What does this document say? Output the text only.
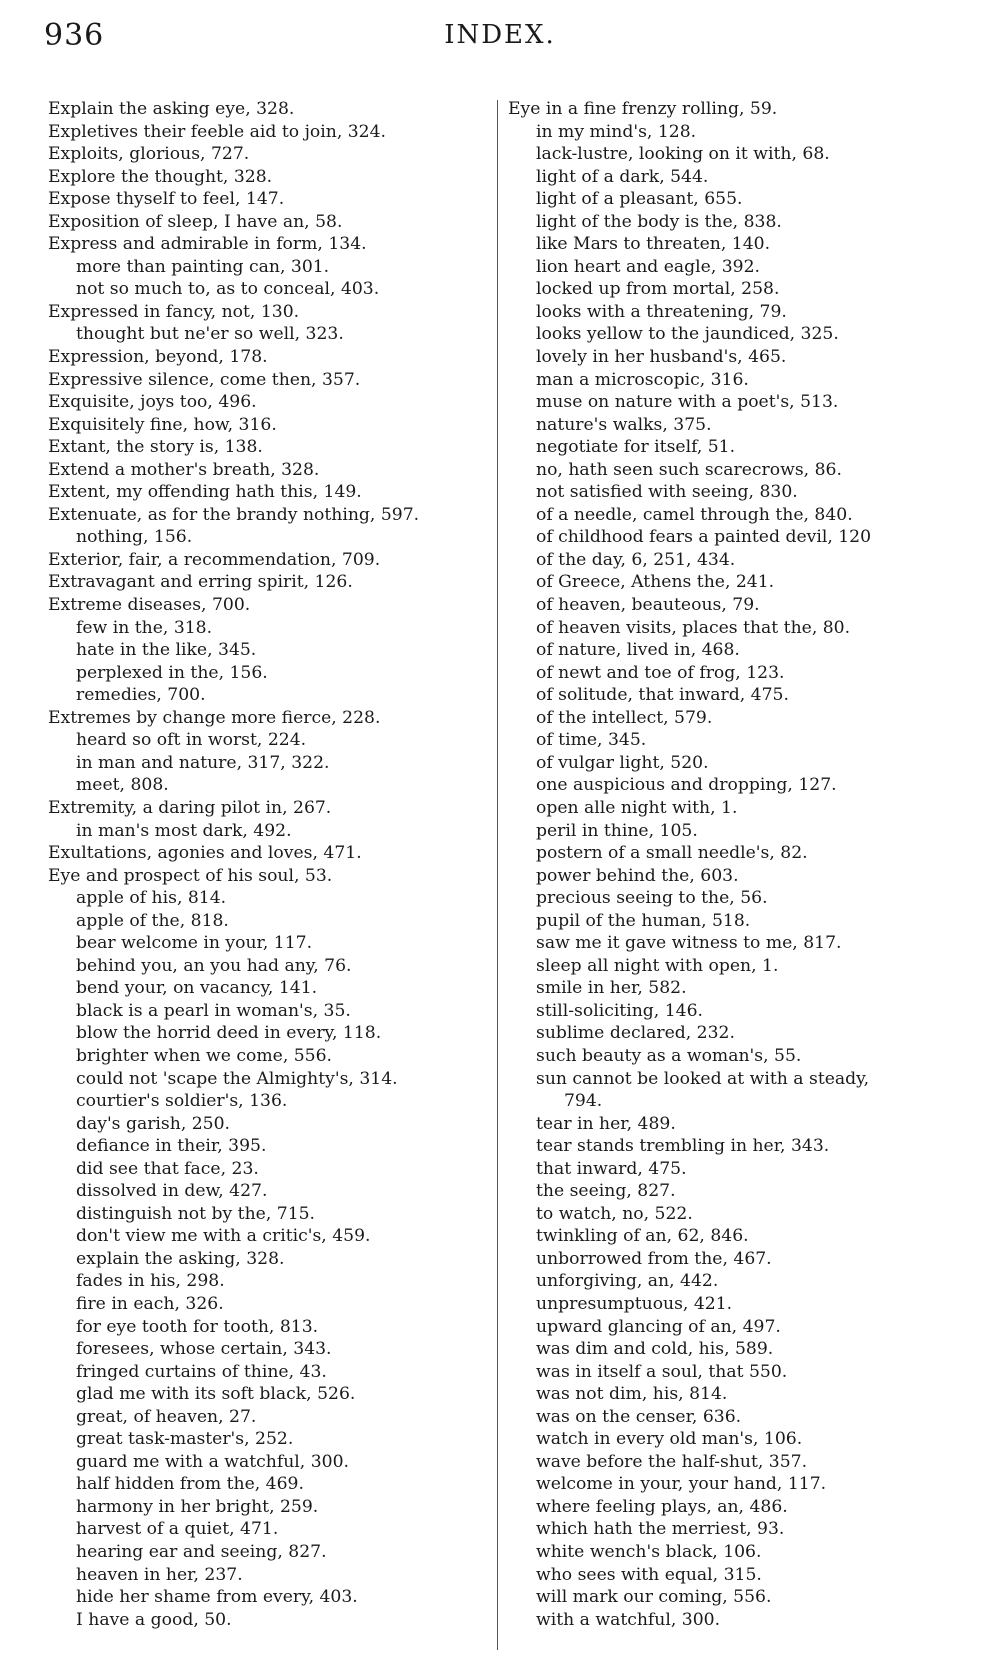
936	INDEX.
Explain the asking eye, 328.
Expletives their feeble aid to join, 324.
Exploits, glorious, 727.
Explore the thought, 328.
Expose thyself to feel, 147.
Exposition of sleep, I have an, 58.
Express and admirable in form, 134.
more than painting can, 301.
not so much to, as to conceal, 403.
Expressed in fancy, not, 130.
thought but ne'er so well, 323.
Expression, beyond, 178.
Expressive silence, come then, 357.
Exquisite, joys too, 496.
Exquisitely fine, how, 316.
Extant, the story is, 138.
Extend a mother's breath, 328.
Extent, my offending hath this, 149.
Extenuate, as for the brandy nothing, 597.
nothing, 156.
Exterior, fair, a recommendation, 709.
Extravagant and erring spirit, 126.
Extreme diseases, 700.
few in the, 318.
hate in the like, 345.
perplexed in the, 156.
remedies, 700.
Extremes by change more fierce, 228.
heard so oft in worst, 224.
in man and nature, 317, 322.
meet, 808.
Extremity, a daring pilot in, 267.
in man's most dark, 492.
Exultations, agonies and loves, 471.
Eye and prospect of his soul, 53.
apple of his, 814.
apple of the, 818.
bear welcome in your, 117.
behind you, an you had any, 76.
bend your, on vacancy, 141.
black is a pearl in woman's, 35.
blow the horrid deed in every, 118.
brighter when we come, 556.
could not 'scape the Almighty's, 314.
courtier's soldier's, 136.
day's garish, 250.
defiance in their, 395.
did see that face, 23.
dissolved in dew, 427.
distinguish not by the, 715.
don't view me with a critic's, 459.
explain the asking, 328.
fades in his, 298.
fire in each, 326.
for eye tooth for tooth, 813.
foresees, whose certain, 343.
fringed curtains of thine, 43.
glad me with its soft black, 526.
great, of heaven, 27.
great task-master's, 252.
guard me with a watchful, 300.
half hidden from the, 469.
harmony in her bright, 259.
harvest of a quiet, 471.
hearing ear and seeing, 827.
heaven in her, 237.
hide her shame from every, 403.
I have a good, 50.
Eye in a fine frenzy rolling, 59.
in my mind's, 128.
lack-lustre, looking on it with, 68.
light of a dark, 544.
light of a pleasant, 655.
light of the body is the, 838.
like Mars to threaten, 140.
lion heart and eagle, 392.
locked up from mortal, 258.
looks with a threatening, 79.
looks yellow to the jaundiced, 325.
lovely in her husband's, 465.
man a microscopic, 316.
muse on nature with a poet's, 513.
nature's walks, 375.
negotiate for itself, 51.
no, hath seen such scarecrows, 86.
not satisfied with seeing, 830.
of a needle, camel through the, 840.
of childhood fears a painted devil, 120
of the day, 6, 251, 434.
of Greece, Athens the, 241.
of heaven, beauteous, 79.
of heaven visits, places that the, 80.
of nature, lived in, 468.
of newt and toe of frog, 123.
of solitude, that inward, 475.
of the intellect, 579.
of time, 345.
of vulgar light, 520.
one auspicious and dropping, 127.
open alle night with, 1.
peril in thine, 105.
postern of a small needle's, 82.
power behind the, 603.
precious seeing to the, 56.
pupil of the human, 518.
saw me it gave witness to me, 817.
sleep all night with open, 1.
smile in her, 582.
still-soliciting, 146.
sublime declared, 232.
such beauty as a woman's, 55.
sun cannot be looked at with a steady,
794.
tear in her, 489.
tear stands trembling in her, 343.
that inward, 475.
the seeing, 827.
to watch, no, 522.
twinkling of an, 62, 846.
unborrowed from the, 467.
unforgiving, an, 442.
unpresumptuous, 421.
upward glancing of an, 497.
was dim and cold, his, 589.
was in itself a soul, that 550.
was not dim, his, 814.
was on the censer, 636.
watch in every old man's, 106.
wave before the half-shut, 357.
welcome in your, your hand, 117.
where feeling plays, an, 486.
which hath the merriest, 93.
white wench's black, 106.
who sees with equal, 315.
will mark our coming, 556.
with a watchful, 300.
